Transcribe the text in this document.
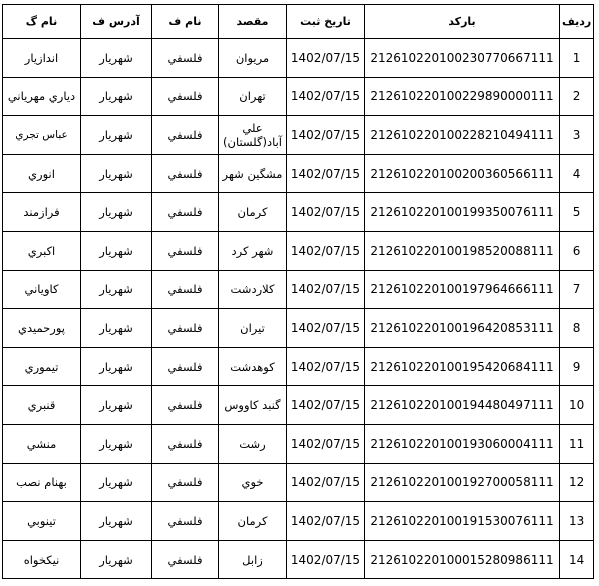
ردیف	بارکد	تاریخ ثبت	مقصد	نام ف	آدرس ف	نام گ
1	212610220100230770667111	1402/07/15	مریوان	فلسفي	شهريار	اندازيار
2	212610220100229890000111	1402/07/15	تهران	فلسفي	شهريار	دياري مهرياني
3	212610220100228210494111	1402/07/15	علي آباد(گلستان)	فلسفي	شهريار	عباس تجري
4	212610220100200360566111	1402/07/15	مشگين شهر	فلسفي	شهريار	انوري
5	212610220100199350076111	1402/07/15	كرمان	فلسفي	شهريار	فرازمند
6	212610220100198520088111	1402/07/15	شهر كرد	فلسفي	شهريار	اكبري
7	212610220100197964666111	1402/07/15	كلاردشت	فلسفي	شهريار	كاوياني
8	212610220100196420853111	1402/07/15	تيران	فلسفي	شهريار	پورحميدي
9	212610220100195420684111	1402/07/15	كوهدشت	فلسفي	شهريار	تيموري
10	212610220100194480497111	1402/07/15	گنبد كاووس	فلسفي	شهريار	قنبري
11	212610220100193060004111	1402/07/15	رشت	فلسفي	شهريار	منشي
12	212610220100192700058111	1402/07/15	خوي	فلسفي	شهريار	بهنام نصب
13	212610220100191530076111	1402/07/15	كرمان	فلسفي	شهريار	تينوبي
14	212610220100015280986111	1402/07/15	زابل	فلسفي	شهريار	نيكخواه
